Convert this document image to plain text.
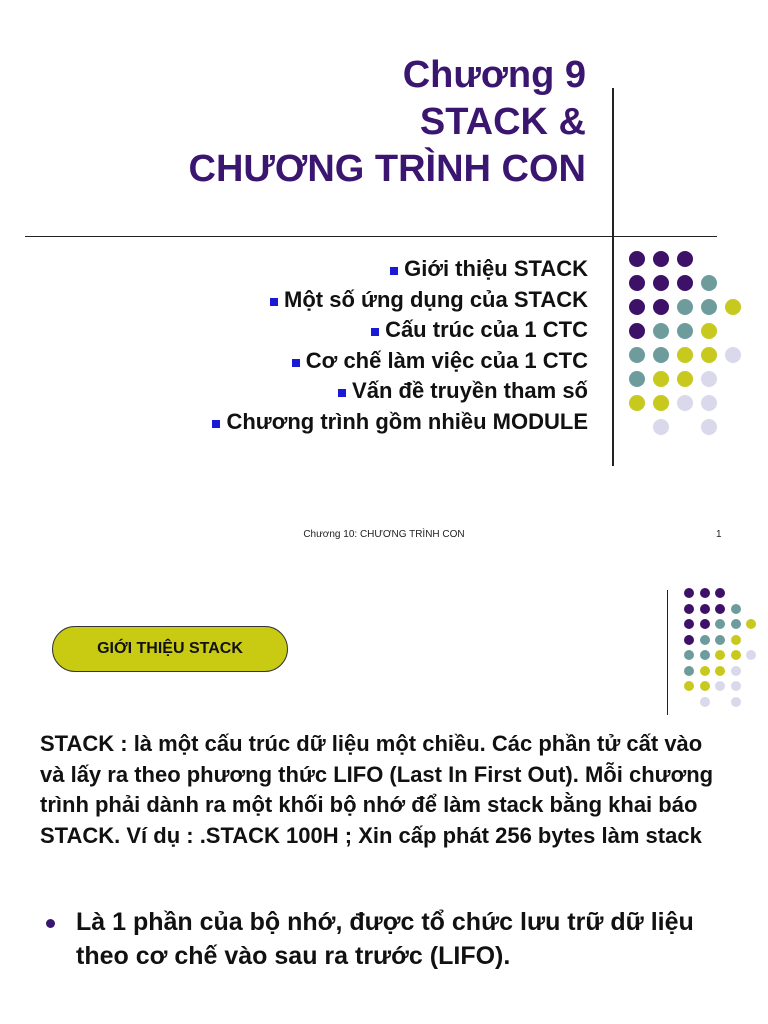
Chương 9
STACK &
CHƯƠNG TRÌNH CON
Giới thiệu STACK
Một số ứng dụng của STACK
Cấu trúc của 1 CTC
Cơ chế làm việc của 1 CTC
Vấn đề truyền tham số
Chương trình gồm nhiều MODULE
Chương 10: CHƯƠNG TRÌNH CON	1
GIỚI THIỆU STACK
STACK : là một cấu trúc dữ liệu một chiều. Các phần tử cất vào và lấy ra theo phương thức LIFO (Last In First Out). Mỗi chương trình phải dành ra một khối bộ nhớ để làm stack bằng khai báo STACK. Ví dụ : .STACK 100H ; Xin cấp phát 256 bytes làm stack
Là 1 phần của bộ nhớ, được tổ chức lưu trữ dữ liệu theo cơ chế vào sau ra trước (LIFO).
